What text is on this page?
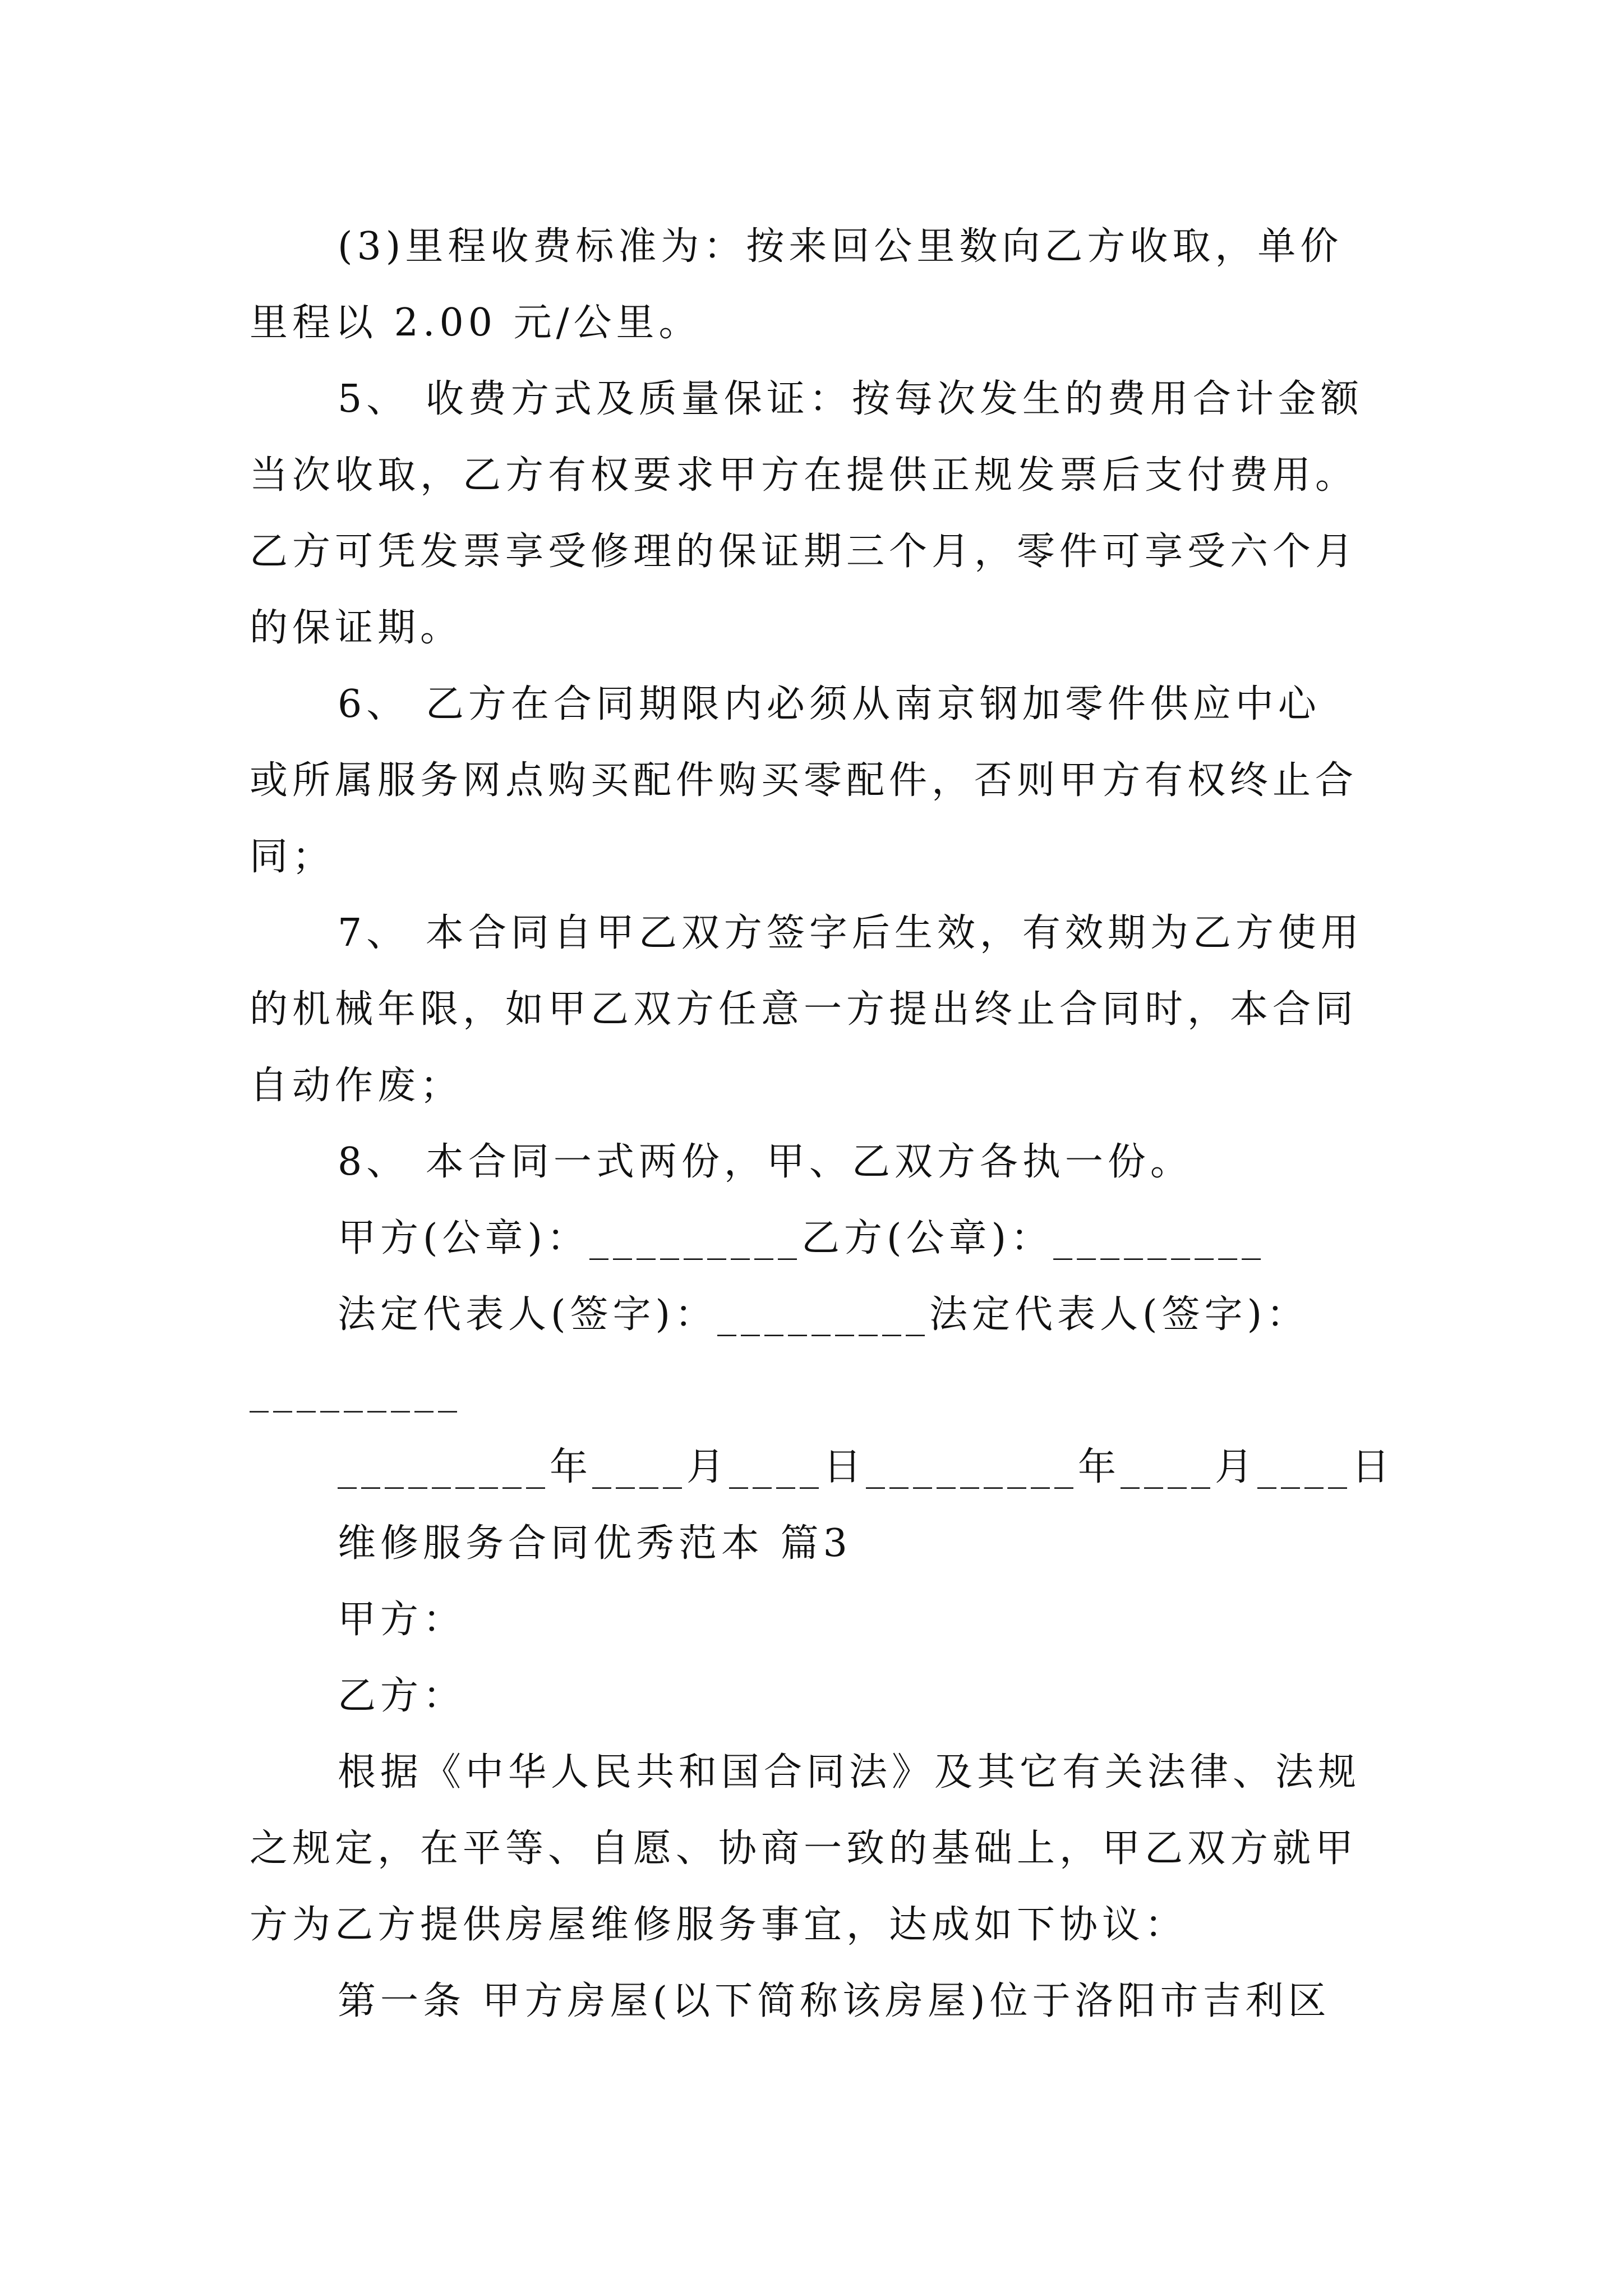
(3)里程收费标准为：按来回公里数向乙方收取，单价
里程以 2.00 元/公里。
5、 收费方式及质量保证：按每次发生的费用合计金额
当次收取，乙方有权要求甲方在提供正规发票后支付费用。
乙方可凭发票享受修理的保证期三个月，零件可享受六个月
的保证期。
6、 乙方在合同期限内必须从南京钢加零件供应中心
或所属服务网点购买配件购买零配件，否则甲方有权终止合
同；
7、 本合同自甲乙双方签字后生效，有效期为乙方使用
的机械年限，如甲乙双方任意一方提出终止合同时，本合同
自动作废；
8、 本合同一式两份，甲、乙双方各执一份。
甲方(公章)：_________乙方(公章)：_________
法定代表人(签字)：_________法定代表人(签字)：
_________
_________年____月____日_________年____月____日
维修服务合同优秀范本 篇3
甲方：
乙方：
根据《中华人民共和国合同法》及其它有关法律、法规
之规定，在平等、自愿、协商一致的基础上，甲乙双方就甲
方为乙方提供房屋维修服务事宜，达成如下协议：
第一条 甲方房屋(以下简称该房屋)位于洛阳市吉利区
